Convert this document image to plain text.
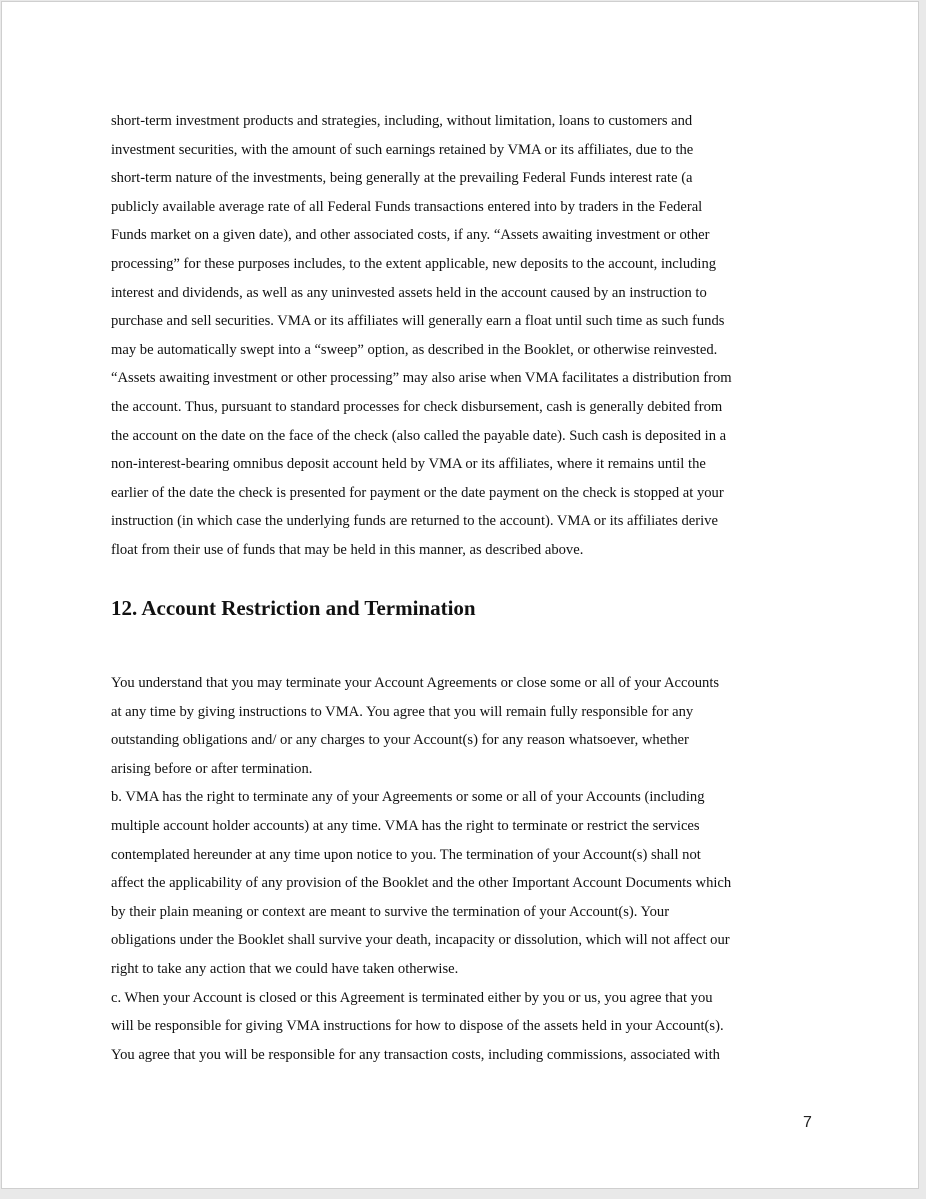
short-term investment products and strategies, including, without limitation, loans to customers and
investment securities, with the amount of such earnings retained by VMA or its affiliates, due to the
short-term nature of the investments, being generally at the prevailing Federal Funds interest rate (a
publicly available average rate of all Federal Funds transactions entered into by traders in the Federal
Funds market on a given date), and other associated costs, if any. “Assets awaiting investment or other
processing” for these purposes includes, to the extent applicable, new deposits to the account, including
interest and dividends, as well as any uninvested assets held in the account caused by an instruction to
purchase and sell securities. VMA or its affiliates will generally earn a float until such time as such funds
may be automatically swept into a “sweep” option, as described in the Booklet, or otherwise reinvested.
“Assets awaiting investment or other processing” may also arise when VMA facilitates a distribution from
the account. Thus, pursuant to standard processes for check disbursement, cash is generally debited from
the account on the date on the face of the check (also called the payable date). Such cash is deposited in a
non-interest-bearing omnibus deposit account held by VMA or its affiliates, where it remains until the
earlier of the date the check is presented for payment or the date payment on the check is stopped at your
instruction (in which case the underlying funds are returned to the account). VMA or its affiliates derive
float from their use of funds that may be held in this manner, as described above.

12. Account Restriction and Termination

You understand that you may terminate your Account Agreements or close some or all of your Accounts
at any time by giving instructions to VMA. You agree that you will remain fully responsible for any
outstanding obligations and/ or any charges to your Account(s) for any reason whatsoever, whether
arising before or after termination.
b. VMA has the right to terminate any of your Agreements or some or all of your Accounts (including
multiple account holder accounts) at any time. VMA has the right to terminate or restrict the services
contemplated hereunder at any time upon notice to you. The termination of your Account(s) shall not
affect the applicability of any provision of the Booklet and the other Important Account Documents which
by their plain meaning or context are meant to survive the termination of your Account(s). Your
obligations under the Booklet shall survive your death, incapacity or dissolution, which will not affect our
right to take any action that we could have taken otherwise.
c. When your Account is closed or this Agreement is terminated either by you or us, you agree that you
will be responsible for giving VMA instructions for how to dispose of the assets held in your Account(s).
You agree that you will be responsible for any transaction costs, including commissions, associated with

7
